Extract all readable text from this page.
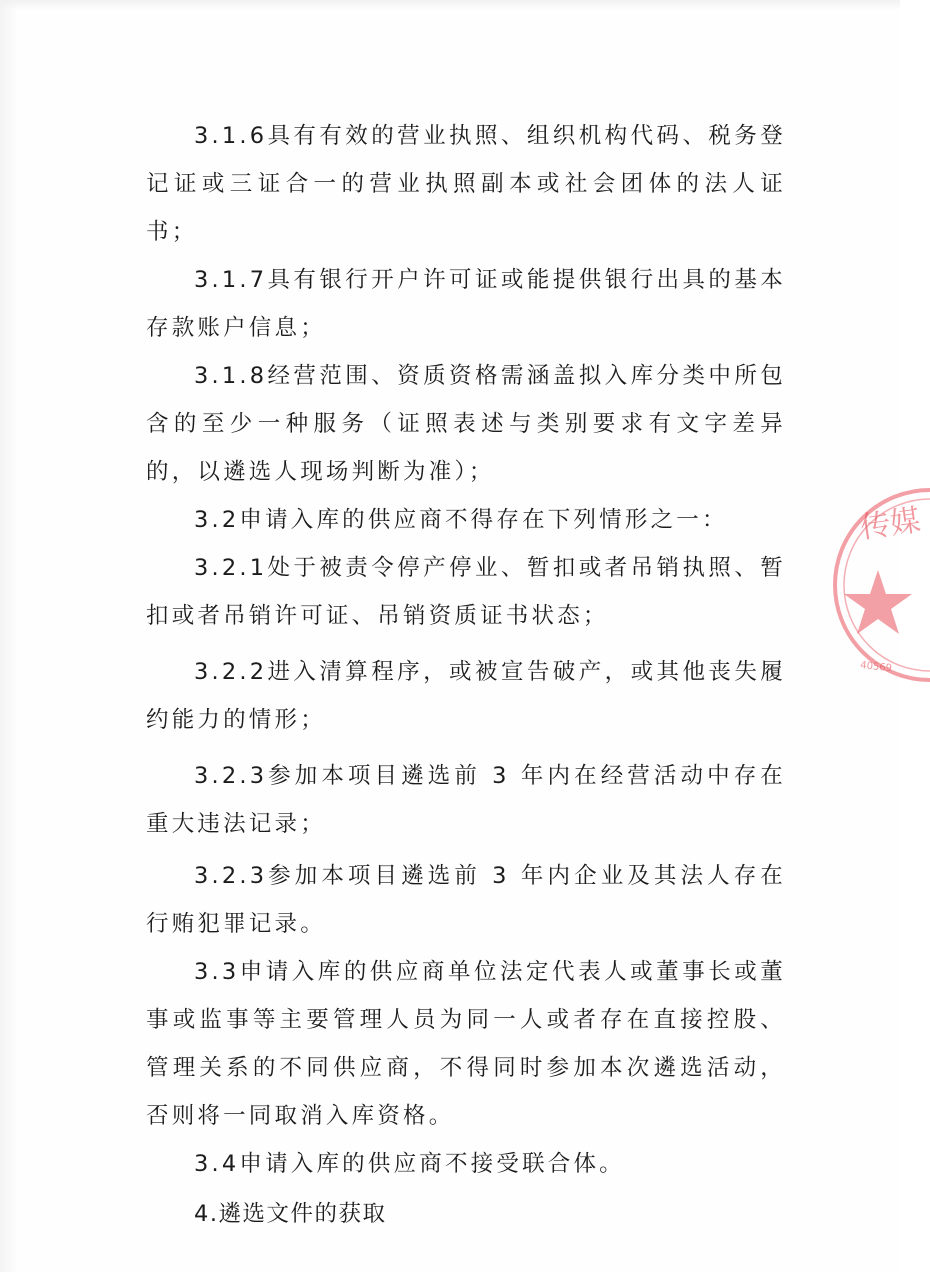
3.1.6具有有效的营业执照、组织机构代码、税务登记证或三证合一的营业执照副本或社会团体的法人证书；

3.1.7具有银行开户许可证或能提供银行出具的基本存款账户信息；

3.1.8经营范围、资质资格需涵盖拟入库分类中所包含的至少一种服务（证照表述与类别要求有文字差异的，以遴选人现场判断为准）；

3.2申请入库的供应商不得存在下列情形之一：

3.2.1处于被责令停产停业、暂扣或者吊销执照、暂扣或者吊销许可证、吊销资质证书状态；

3.2.2进入清算程序，或被宣告破产，或其他丧失履约能力的情形；

3.2.3参加本项目遴选前 3 年内在经营活动中存在重大违法记录；

3.2.3参加本项目遴选前 3 年内企业及其法人存在行贿犯罪记录。

3.3申请入库的供应商单位法定代表人或董事长或董事或监事等主要管理人员为同一人或者存在直接控股、管理关系的不同供应商，不得同时参加本次遴选活动，否则将一同取消入库资格。

3.4申请入库的供应商不接受联合体。

4.遴选文件的获取

传媒
40569
